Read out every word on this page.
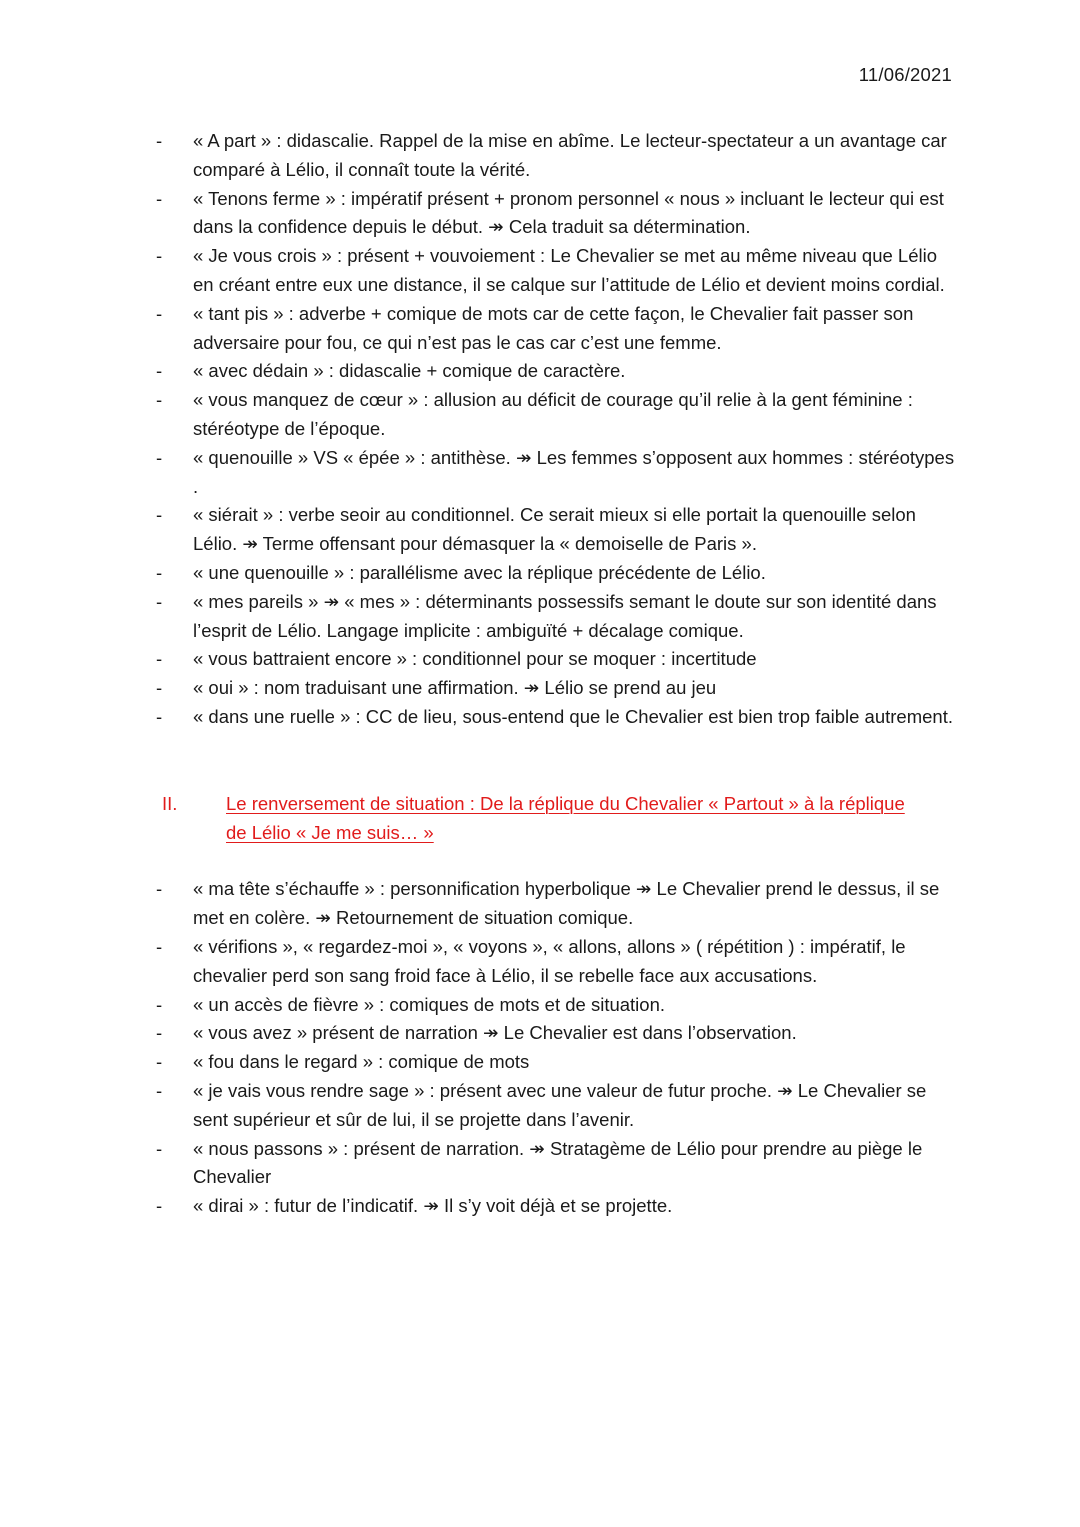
11/06/2021
- « A part » : didascalie. Rappel de la mise en abîme. Le lecteur-spectateur a un avantage car comparé à Lélio, il connaît toute la vérité.
- « Tenons ferme » : impératif présent + pronom personnel « nous » incluant le lecteur qui est dans la confidence depuis le début. ↠ Cela traduit sa détermination.
- « Je vous crois » : présent + vouvoiement : Le Chevalier se met au même niveau que Lélio en créant entre eux une distance, il se calque sur l’attitude de Lélio et devient moins cordial.
- « tant pis » : adverbe + comique de mots car de cette façon, le Chevalier fait passer son adversaire pour fou, ce qui n’est pas le cas car c’est une femme.
- « avec dédain » : didascalie + comique de caractère.
- « vous manquez de cœur » : allusion au déficit de courage qu’il relie à la gent féminine : stéréotype de l’époque.
- « quenouille » VS « épée » : antithèse. ↠ Les femmes s’opposent aux hommes : stéréotypes .
- « siérait » : verbe seoir au conditionnel. Ce serait mieux si elle portait la quenouille selon Lélio. ↠ Terme offensant pour démasquer la « demoiselle de Paris ».
- « une quenouille » : parallélisme avec la réplique précédente de Lélio.
- « mes pareils » ↠ « mes » : déterminants possessifs semant le doute sur son identité dans l’esprit de Lélio. Langage implicite : ambiguïté + décalage comique.
- « vous battraient encore » : conditionnel pour se moquer : incertitude
- « oui » : nom traduisant une affirmation. ↠ Lélio se prend au jeu
- « dans une ruelle » : CC de lieu, sous-entend que le Chevalier est bien trop faible autrement.
II.	Le renversement de situation : De la réplique du Chevalier « Partout » à la réplique de Lélio « Je me suis… »
- « ma tête s’échauffe » : personnification hyperbolique ↠ Le Chevalier prend le dessus, il se met en colère. ↠ Retournement de situation comique.
- « vérifions », « regardez-moi », « voyons », « allons, allons » ( répétition ) : impératif, le chevalier perd son sang froid face à Lélio, il se rebelle face aux accusations.
- « un accès de fièvre » : comiques de mots et de situation.
- « vous avez » présent de narration ↠ Le Chevalier est dans l’observation.
- « fou dans le regard » : comique de mots
- « je vais vous rendre sage » : présent avec une valeur de futur proche. ↠ Le Chevalier se sent supérieur et sûr de lui, il se projette dans l’avenir.
- « nous passons » : présent de narration. ↠ Stratagème de Lélio pour prendre au piège le Chevalier
- « dirai » : futur de l’indicatif. ↠ Il s’y voit déjà et se projette.
